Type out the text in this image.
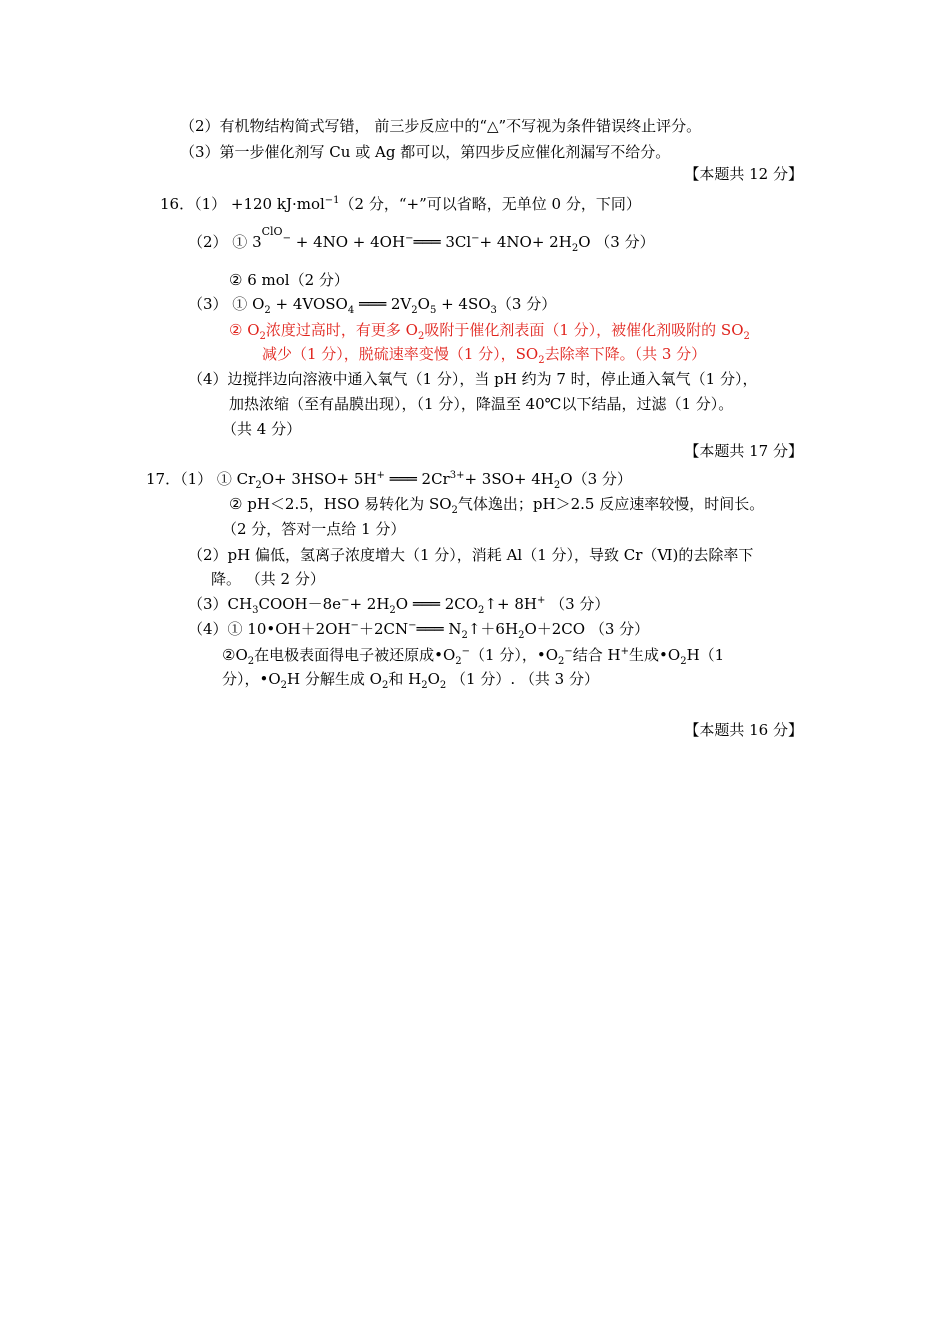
（2）有机物结构简式写错， 前三步反应中的“△”不写视为条件错误终止评分。
（3）第一步催化剂写 Cu 或 Ag 都可以，第四步反应催化剂漏写不给分。
【本题共 12 分】
16．（1） +120 kJ·mol$^{-1}$（2 分，“+”可以省略，无单位 0 分，下同）
（2） ① $3^{ClO-} + 4NO$ + 4OH−═══ $3Cl^-+ 4NO+ 2H_2O$ （3 分）
② 6 mol（2 分）
（3） ① $O_2$ + $4VOSO_4$ ═══ $2V_2O_5 + 4SO_3(3$ 分）
② $O_2$浓度过高时，有更多 $O_2$吸附于催化剂表面（1 分），被催化剂吸附的 $SO_2$
减少（1 分），脱硫速率变慢（1 分），$SO_2$去除率下降。（共 3 分）
（4）边搅拌边向溶液中通入氧气（1 分），当 pH 约为 7 时，停止通入氧气（1 分），
加热浓缩（至有晶膜出现），（1 分），降温至 40℃以下结晶，过滤（1 分）。
（共 4 分）
【本题共 17 分】
17．（1） ① $Cr_2O+ 3HSO+ 5H^+$ ═══ $2Cr^{3+}+ 3SO+ 4H_2O(3$ 分）
② pH＜2.5，HSO 易转化为 $SO_2$气体逸出；pH＞2.5 反应速率较慢，时间长。
（2 分，答对一点给 1 分）
（2）pH 偏低，氢离子浓度增大（1 分），消耗 Al（1 分），导致 Cr（Ⅵ)的去除率下
降。 （共 2 分）
$(3)CH_3COOH-8e^-+ 2H_2O$ ═══ $2CO_2↑+ 8H^+$ （3 分）
（4）① 10•OH＋2OH−＋2CN−═══ $N_2↑+6H_2O+2CO$ （3 分）
$②O_2$在电极表面得电子被还原成$•O_2^-(1$ 分），$•O_2^-$结合 H+生成$•O_2H(1$
分），$•O_2H$ 分解生成 $O_2$和 $H_2O_2$ （1 分）. （共 3 分）
【本题共 16 分】
